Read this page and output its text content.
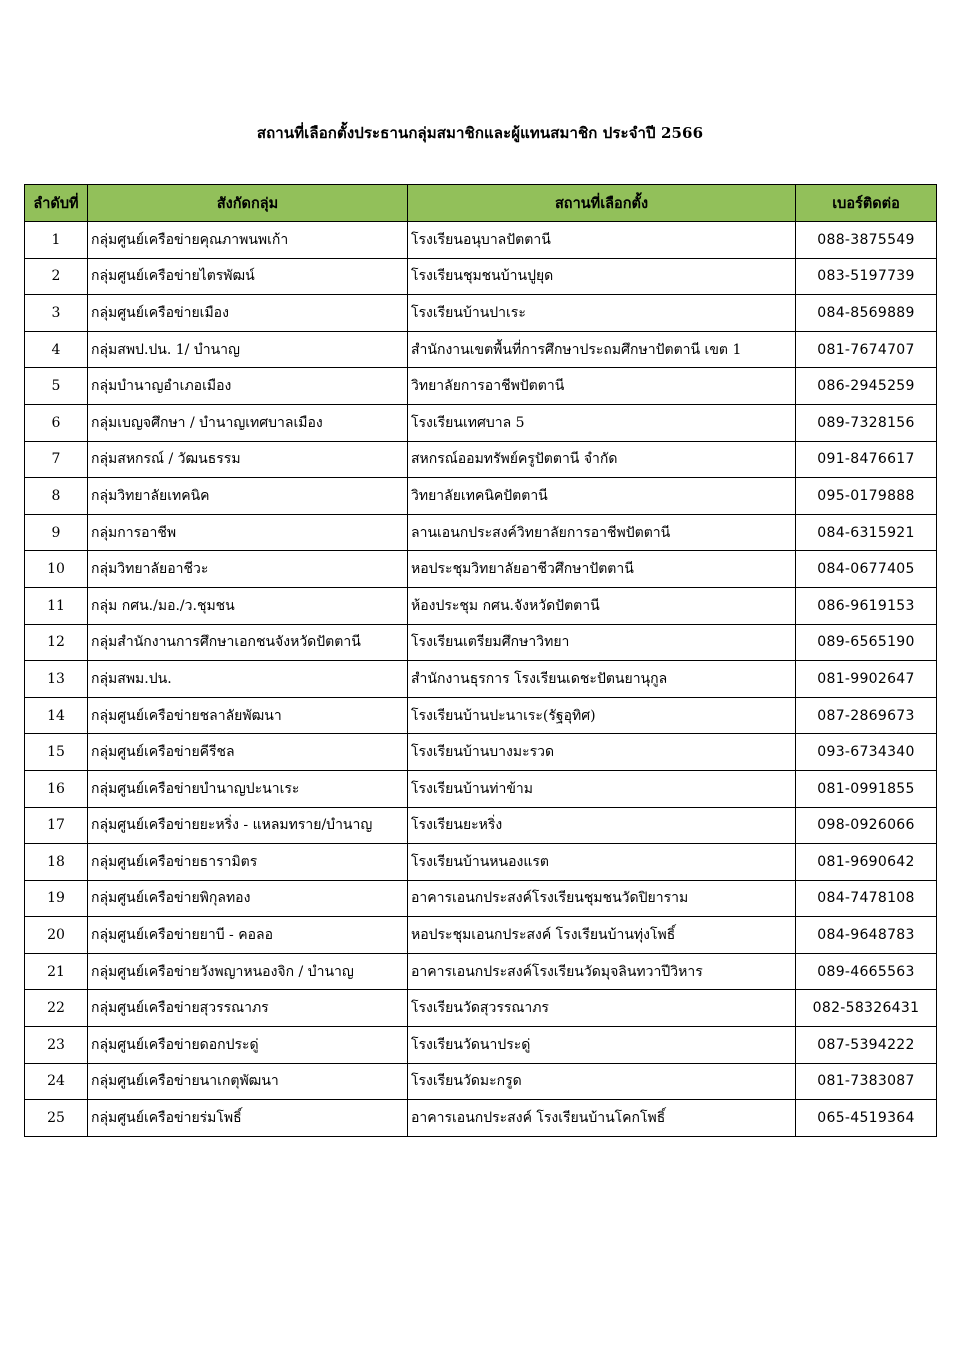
สถานที่เลือกตั้งประธานกลุ่มสมาชิกและผู้แทนสมาชิก ประจำปี 2566
ลำดับที่	สังกัดกลุ่ม	สถานที่เลือกตั้ง	เบอร์ติดต่อ
1	กลุ่มศูนย์เครือข่ายคุณภาพนพเก้า	โรงเรียนอนุบาลปัตตานี	088-3875549
2	กลุ่มศูนย์เครือข่ายไตรพัฒน์	โรงเรียนชุมชนบ้านปูยุด	083-5197739
3	กลุ่มศูนย์เครือข่ายเมือง	โรงเรียนบ้านปาเระ	084-8569889
4	กลุ่มสพป.ปน. 1/ บำนาญ	สำนักงานเขตพื้นที่การศึกษาประถมศึกษาปัตตานี เขต 1	081-7674707
5	กลุ่มบำนาญอำเภอเมือง	วิทยาลัยการอาชีพปัตตานี	086-2945259
6	กลุ่มเบญจศึกษา / บำนาญเทศบาลเมือง	โรงเรียนเทศบาล 5	089-7328156
7	กลุ่มสหกรณ์ / วัฒนธรรม	สหกรณ์ออมทรัพย์ครูปัตตานี จำกัด	091-8476617
8	กลุ่มวิทยาลัยเทคนิค	วิทยาลัยเทคนิคปัตตานี	095-0179888
9	กลุ่มการอาชีพ	ลานเอนกประสงค์วิทยาลัยการอาชีพปัตตานี	084-6315921
10	กลุ่มวิทยาลัยอาชีวะ	หอประชุมวิทยาลัยอาชีวศึกษาปัตตานี	084-0677405
11	กลุ่ม กศน./มอ./ว.ชุมชน	ห้องประชุม กศน.จังหวัดปัตตานี	086-9619153
12	กลุ่มสำนักงานการศึกษาเอกชนจังหวัดปัตตานี	โรงเรียนเตรียมศึกษาวิทยา	089-6565190
13	กลุ่มสพม.ปน.	สำนักงานธุรการ โรงเรียนเดชะปัตนยานุกูล	081-9902647
14	กลุ่มศูนย์เครือข่ายชลาลัยพัฒนา	โรงเรียนบ้านปะนาเระ(รัฐอุทิศ)	087-2869673
15	กลุ่มศูนย์เครือข่ายคีรีชล	โรงเรียนบ้านบางมะรวด	093-6734340
16	กลุ่มศูนย์เครือข่ายบำนาญปะนาเระ	โรงเรียนบ้านท่าข้าม	081-0991855
17	กลุ่มศูนย์เครือข่ายยะหริ่ง - แหลมทราย/บำนาญ	โรงเรียนยะหริ่ง	098-0926066
18	กลุ่มศูนย์เครือข่ายธารามิตร	โรงเรียนบ้านหนองแรต	081-9690642
19	กลุ่มศูนย์เครือข่ายพิกุลทอง	อาคารเอนกประสงค์โรงเรียนชุมชนวัดปิยาราม	084-7478108
20	กลุ่มศูนย์เครือข่ายยาบี - คอลอ	หอประชุมเอนกประสงค์ โรงเรียนบ้านทุ่งโพธิ์	084-9648783
21	กลุ่มศูนย์เครือข่ายวังพญาหนองจิก / บำนาญ	อาคารเอนกประสงค์โรงเรียนวัดมุจลินทวาปีวิหาร	089-4665563
22	กลุ่มศูนย์เครือข่ายสุวรรณาภร	โรงเรียนวัดสุวรรณาภร	082-58326431
23	กลุ่มศูนย์เครือข่ายดอกประดู่	โรงเรียนวัดนาประดู่	087-5394222
24	กลุ่มศูนย์เครือข่ายนาเกตุพัฒนา	โรงเรียนวัดมะกรูด	081-7383087
25	กลุ่มศูนย์เครือข่ายร่มโพธิ์	อาคารเอนกประสงค์ โรงเรียนบ้านโคกโพธิ์	065-4519364
